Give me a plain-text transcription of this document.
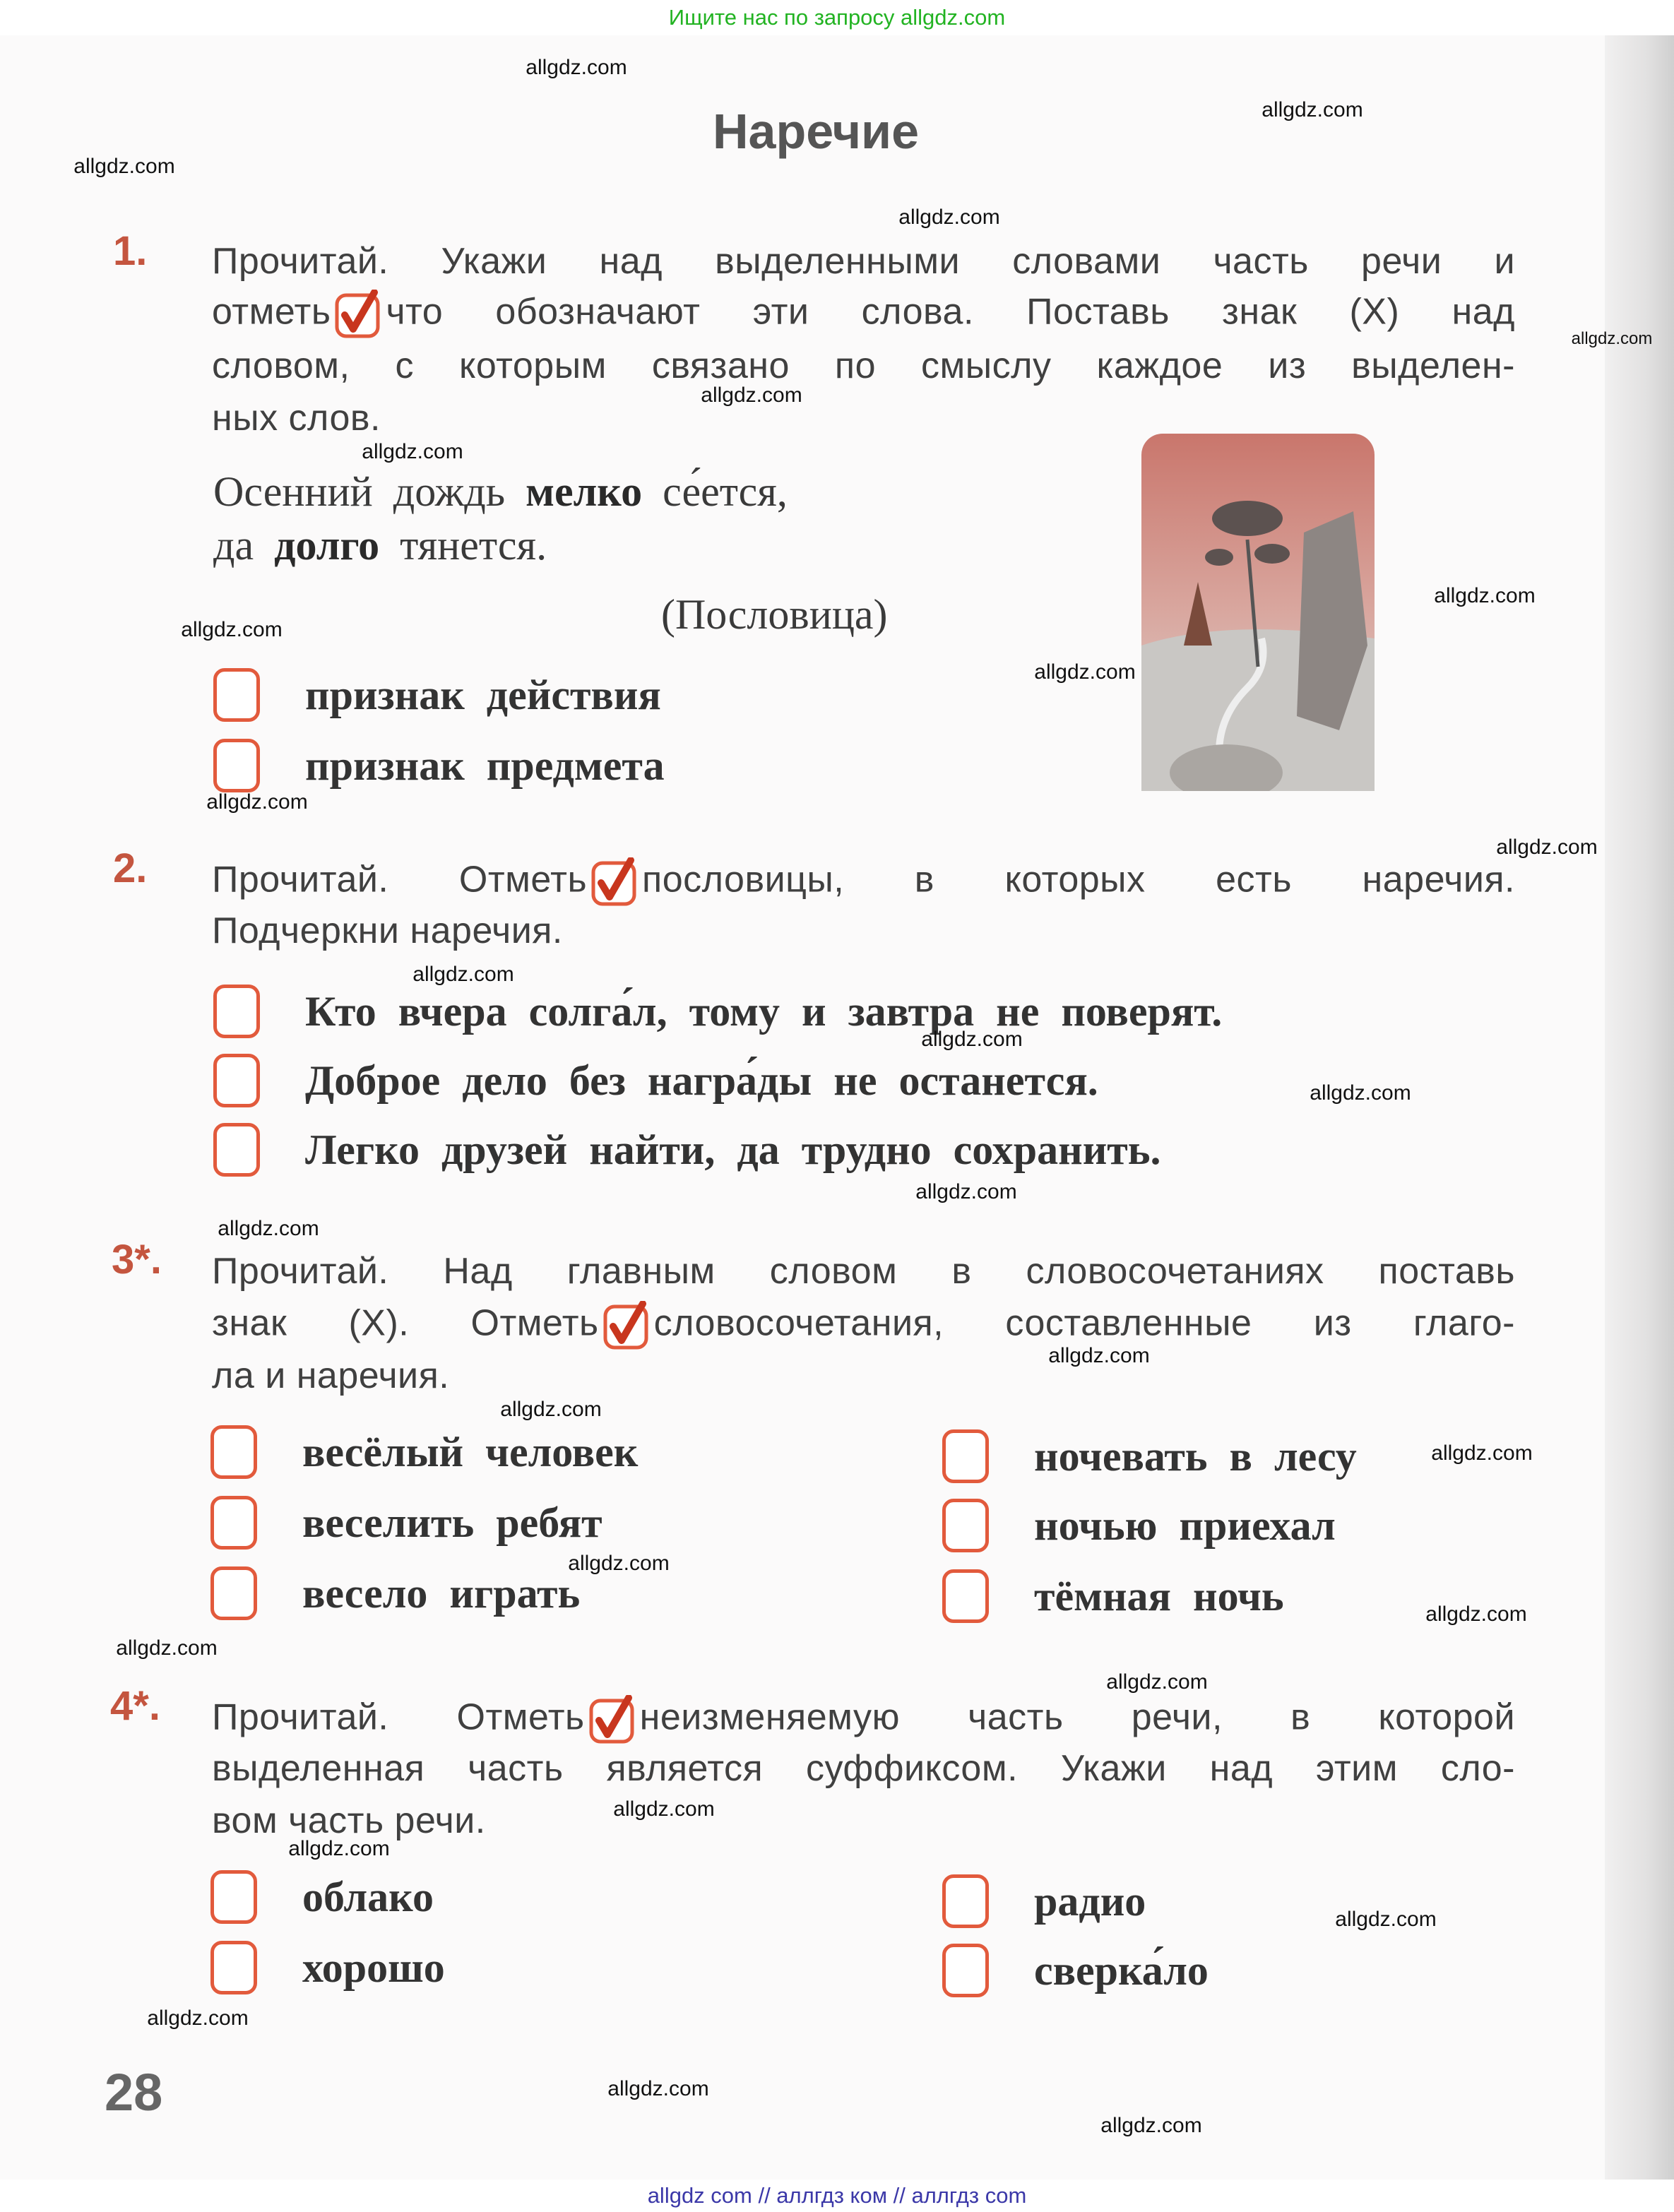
Ищите нас по запросу allgdz.com
Наречие
1. Прочитай. Укажи над выделенными словами часть речи и
отметь что обозначают эти слова. Поставь знак (X) над
словом, с которым связано по смыслу каждое из выделен-
ных слов.
Осенний дождь мелко се́ется,
да долго тянется.
(Пословица)
признак действия
признак предмета
2. Прочитай. Отметь пословицы, в которых есть наречия.
Подчеркни наречия.
Кто вчера солга́л, тому и завтра не поверят.
Доброе дело без награ́ды не останется.
Легко друзей найти, да трудно сохранить.
3*. Прочитай. Над главным словом в словосочетаниях поставь
знак (X). Отметь словосочетания, составленные из глаго-
ла и наречия.
весёлый человек
веселить ребят
весело играть
ночевать в лесу
ночью приехал
тёмная ночь
4*. Прочитай. Отметь неизменяемую часть речи, в которой
выделенная часть является суффиксом. Укажи над этим сло-
вом часть речи.
облако
хорошо
радио
сверка́ло
28
allgdz.com
allgdz.com
allgdz.com
allgdz.com
allgdz.com
allgdz.com
allgdz.com
allgdz.com
allgdz.com
allgdz.com
allgdz.com
allgdz.com
allgdz.com
allgdz.com
allgdz.com
allgdz.com
allgdz.com
allgdz.com
allgdz.com
allgdz.com
allgdz.com
allgdz.com
allgdz.com
allgdz.com
allgdz.com
allgdz.com
allgdz.com
allgdz.com
allgdz.com
allgdz.com
allgdz com // аллгдз ком // аллгдз com
